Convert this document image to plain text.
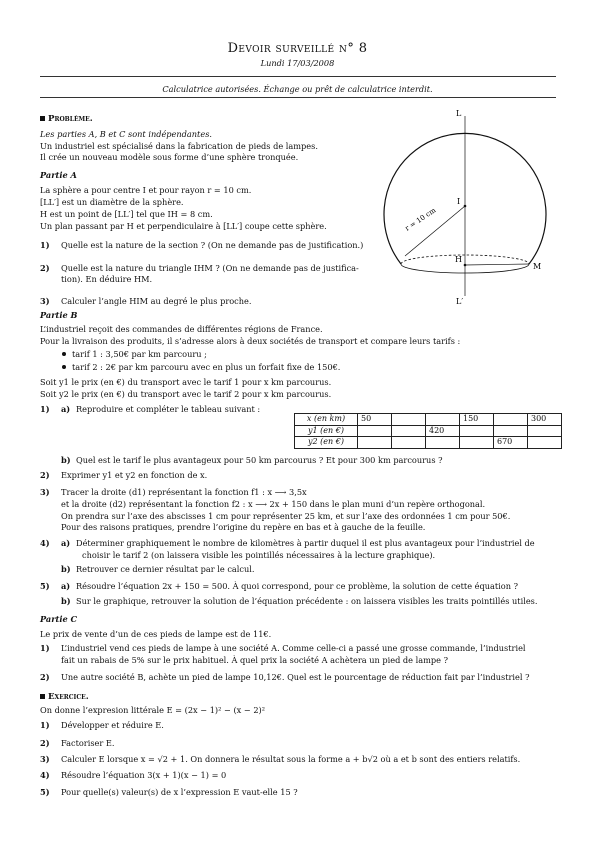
Devoir surveillé n° 8
Lundi 17/03/2008
Calculatrice autorisées. Échange ou prêt de calculatrice interdit.
Problème.
Les parties A, B et C sont indépendantes.
Un industriel est spécialisé dans la fabrication de pieds de lampes.
Il crée un nouveau modèle sous forme d’une sphère tronquée.
Partie A
La sphère a pour centre I et pour rayon r = 10 cm.
[LL′] est un diamètre de la sphère.
H est un point de [LL′] tel que IH = 8 cm.
Un plan passant par H et perpendiculaire à [LL′] coupe cette sphère.
1) Quelle est la nature de la section ? (On ne demande pas de justification.)
2) Quelle est la nature du triangle IHM ? (On ne demande pas de justifica-
tion). En déduire HM.
3) Calculer l’angle HIM au degré le plus proche.
L
L′
I
H
M
r = 10 cm
Partie B
L’industriel reçoit des commandes de différentes régions de France.
Pour la livraison des produits, il s’adresse alors à deux sociétés de transport et compare leurs tarifs :
tarif 1 : 3,50€ par km parcouru ;
tarif 2 : 2€ par km parcouru avec en plus un forfait fixe de 150€.
Soit y1 le prix (en €) du transport avec le tarif 1 pour x km parcourus.
Soit y2 le prix (en €) du transport avec le tarif 2 pour x km parcourus.
1) a) Reproduire et compléter le tableau suivant :
x (en km)	50			150		300
y1 (en €)			420			
y2 (en €)					670	
b) Quel est le tarif le plus avantageux pour 50 km parcourus ? Et pour 300 km parcourus ?
2) Exprimer y1 et y2 en fonction de x.
3) Tracer la droite (d1) représentant la fonction f1 : x ⟶ 3,5x
et la droite (d2) représentant la fonction f2 : x ⟶ 2x + 150 dans le plan muni d’un repère orthogonal.
On prendra sur l’axe des abscisses 1 cm pour représenter 25 km, et sur l’axe des ordonnées 1 cm pour 50€.
Pour des raisons pratiques, prendre l’origine du repère en bas et à gauche de la feuille.
4) a) Déterminer graphiquement le nombre de kilomètres à partir duquel il est plus avantageux pour l’industriel de
choisir le tarif 2 (on laissera visible les pointillés nécessaires à la lecture graphique).
b) Retrouver ce dernier résultat par le calcul.
5) a) Résoudre l’équation 2x + 150 = 500. À quoi correspond, pour ce problème, la solution de cette équation ?
b) Sur le graphique, retrouver la solution de l’équation précédente : on laissera visibles les traits pointillés utiles.
Partie C
Le prix de vente d’un de ces pieds de lampe est de 11€.
1) L’industriel vend ces pieds de lampe à une société A. Comme celle-ci a passé une grosse commande, l’industriel
fait un rabais de 5% sur le prix habituel. À quel prix la société A achètera un pied de lampe ?
2) Une autre société B, achète un pied de lampe 10,12€. Quel est le pourcentage de réduction fait par l’industriel ?
Exercice.
On donne l’expresion littérale E = (2x − 1)² − (x − 2)²
1) Développer et réduire E.
2) Factoriser E.
3) Calculer E lorsque x = √2 + 1. On donnera le résultat sous la forme a + b√2 où a et b sont des entiers relatifs.
4) Résoudre l’équation 3(x + 1)(x − 1) = 0
5) Pour quelle(s) valeur(s) de x l’expression E vaut-elle 15 ?
